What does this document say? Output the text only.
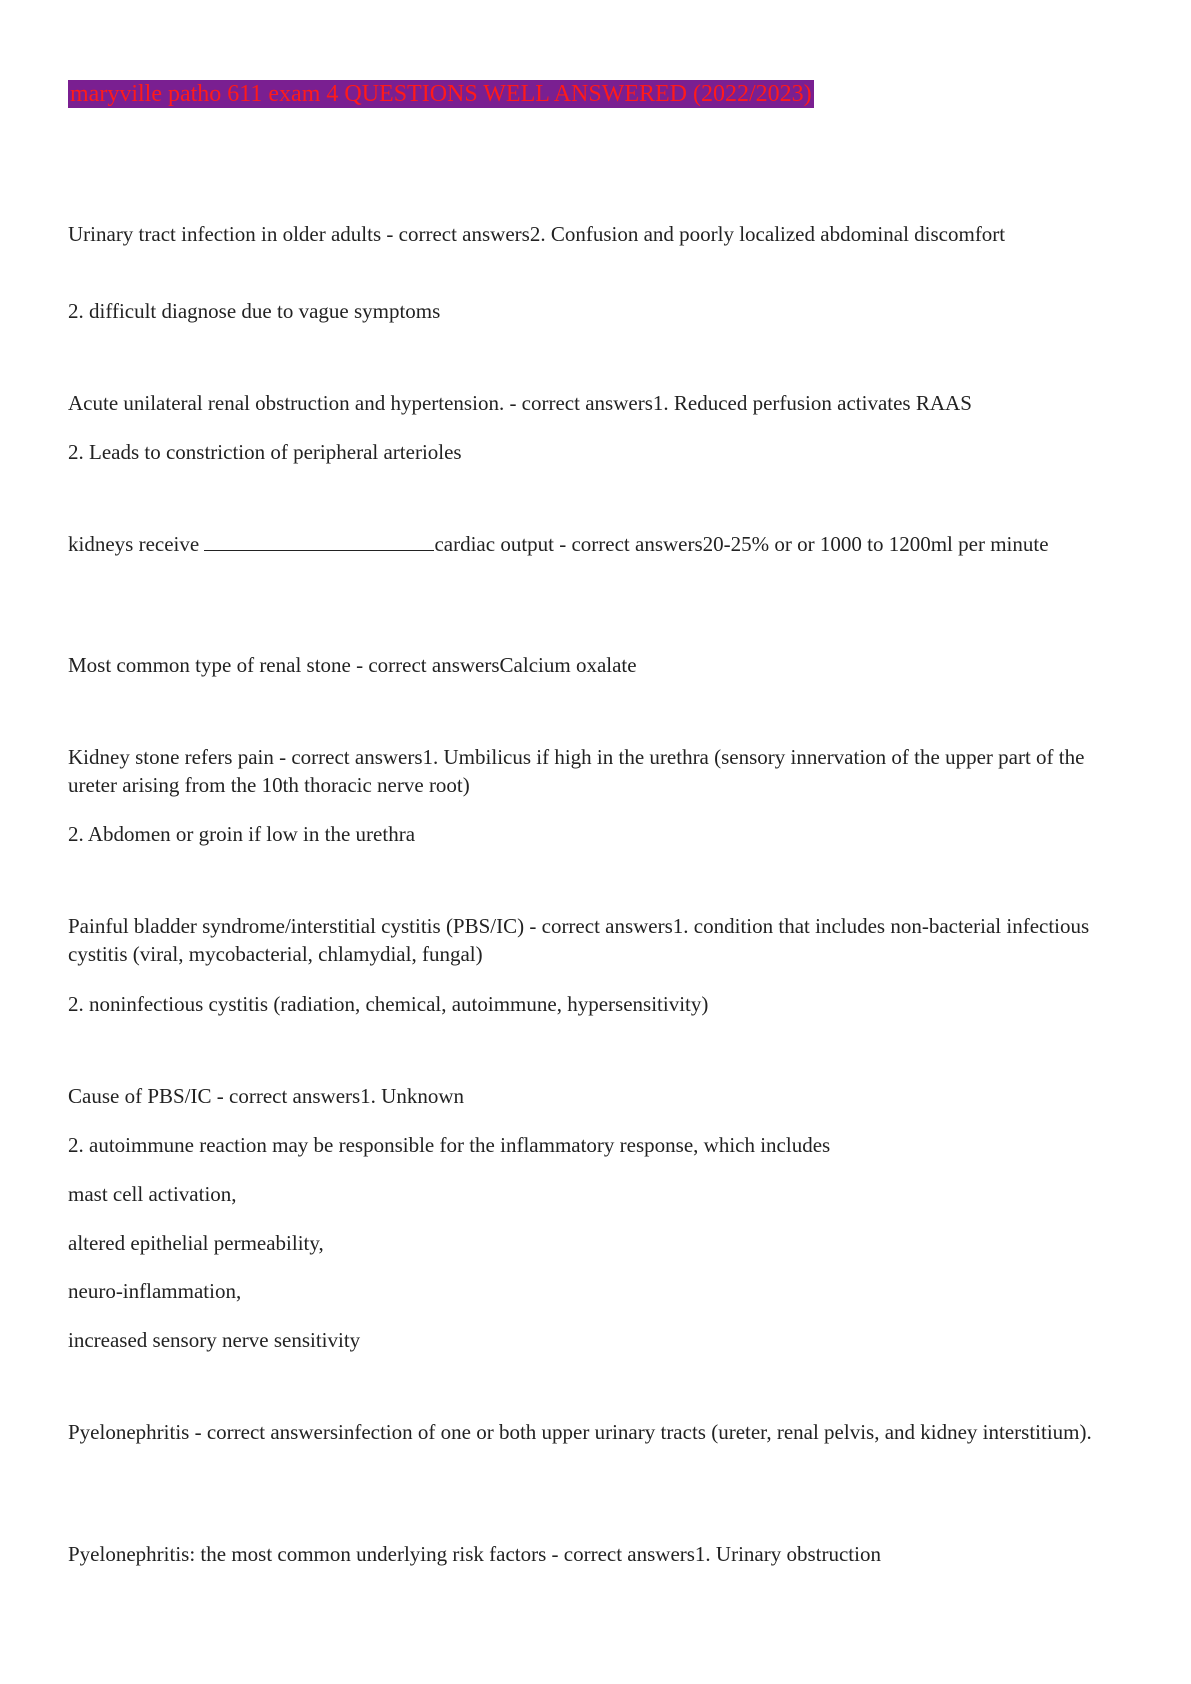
maryville patho 611 exam 4 QUESTIONS WELL ANSWERED (2022/2023)

Urinary tract infection in older adults - correct answers2. Confusion and poorly localized abdominal discomfort

2. difficult diagnose due to vague symptoms

Acute unilateral renal obstruction and hypertension. - correct answers1. Reduced perfusion activates RAAS

2. Leads to constriction of peripheral arterioles

kidneys receive	cardiac output - correct answers20-25% or or 1000 to 1200ml per minute

Most common type of renal stone - correct answersCalcium oxalate

Kidney stone refers pain - correct answers1. Umbilicus if high in the urethra (sensory innervation of the upper part of the ureter arising from the 10th thoracic nerve root)

2. Abdomen or groin if low in the urethra

Painful bladder syndrome/interstitial cystitis (PBS/IC) - correct answers1. condition that includes non-bacterial infectious cystitis (viral, mycobacterial, chlamydial, fungal)

2. noninfectious cystitis (radiation, chemical, autoimmune, hypersensitivity)

Cause of PBS/IC - correct answers1. Unknown

2. autoimmune reaction may be responsible for the inflammatory response, which includes

mast cell activation,

altered epithelial permeability,

neuro-inflammation,

increased sensory nerve sensitivity

Pyelonephritis - correct answersinfection of one or both upper urinary tracts (ureter, renal pelvis, and kidney interstitium).

Pyelonephritis: the most common underlying risk factors - correct answers1. Urinary obstruction
